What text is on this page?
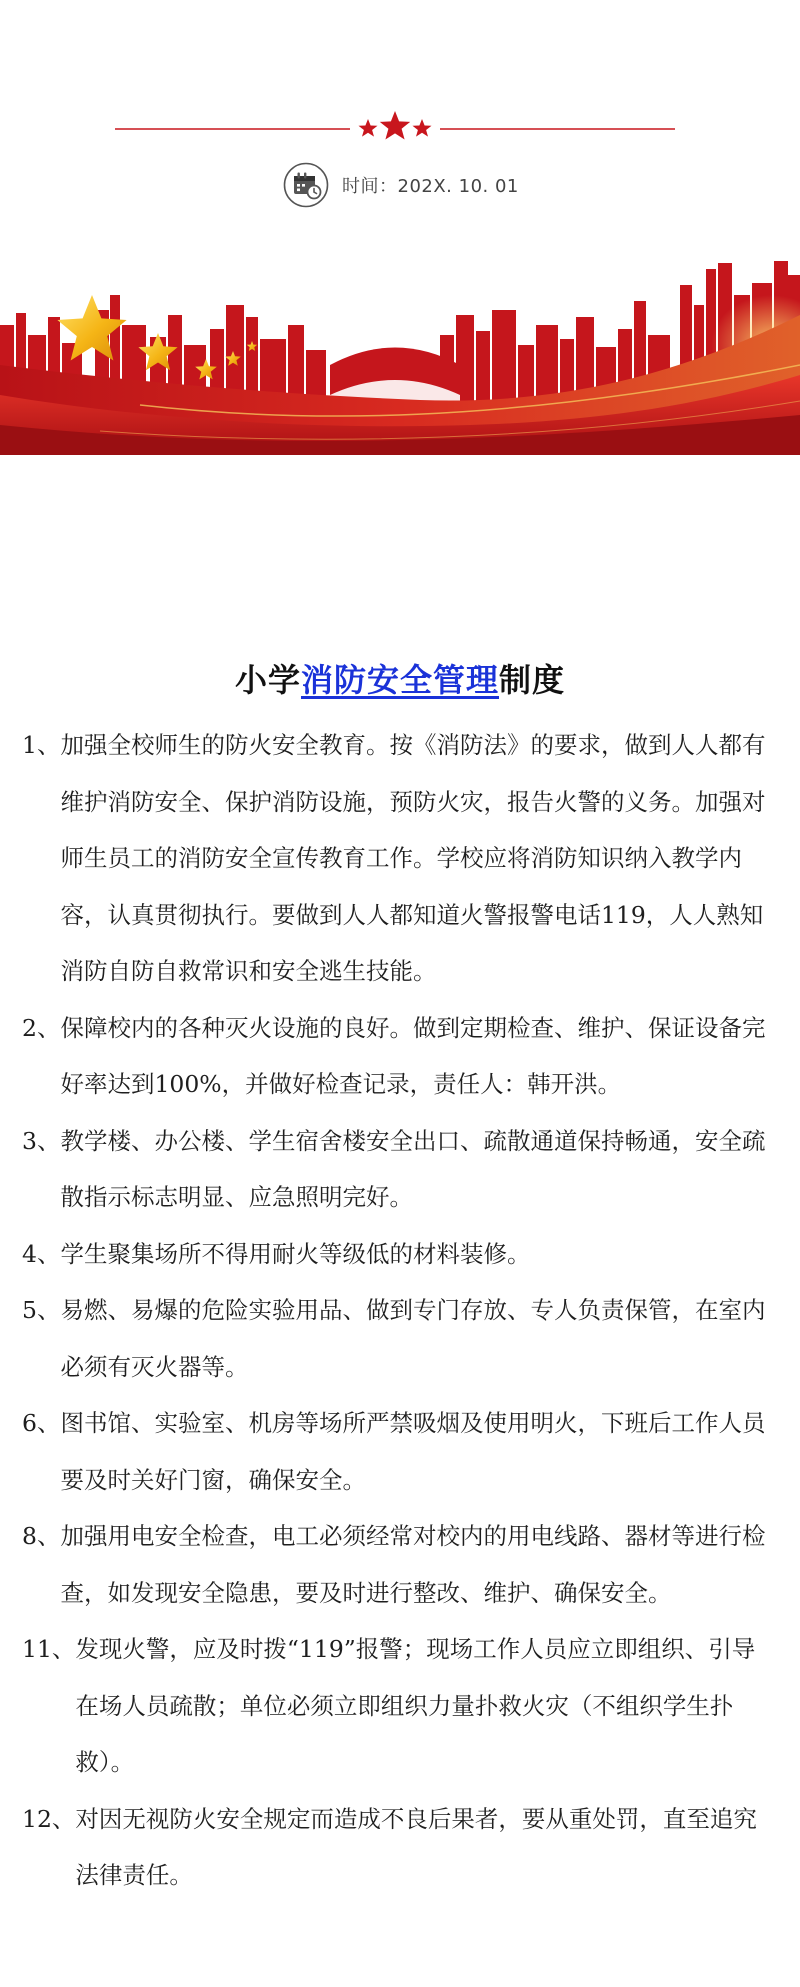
时间：202X. 10. 01
小学消防安全管理制度
1、 加强全校师生的防火安全教育。按《消防法》的要求，做到人人都有维护消防安全、保护消防设施，预防火灾，报告火警的义务。加强对师生员工的消防安全宣传教育工作。学校应将消防知识纳入教学内容，认真贯彻执行。要做到人人都知道火警报警电话119，人人熟知消防自防自救常识和安全逃生技能。
2、 保障校内的各种灭火设施的良好。做到定期检查、维护、保证设备完好率达到100%，并做好检查记录，责任人：韩开洪。
3、 教学楼、办公楼、学生宿舍楼安全出口、疏散通道保持畅通，安全疏散指示标志明显、应急照明完好。
4、 学生聚集场所不得用耐火等级低的材料装修。
5、 易燃、易爆的危险实验用品、做到专门存放、专人负责保管，在室内必须有灭火器等。
6、 图书馆、实验室、机房等场所严禁吸烟及使用明火，下班后工作人员要及时关好门窗，确保安全。
8、 加强用电安全检查，电工必须经常对校内的用电线路、器材等进行检查，如发现安全隐患，要及时进行整改、维护、确保安全。
11、 发现火警，应及时拨“119”报警；现场工作人员应立即组织、引导在场人员疏散；单位必须立即组织力量扑救火灾（不组织学生扑救）。
12、 对因无视防火安全规定而造成不良后果者，要从重处罚，直至追究法律责任。
